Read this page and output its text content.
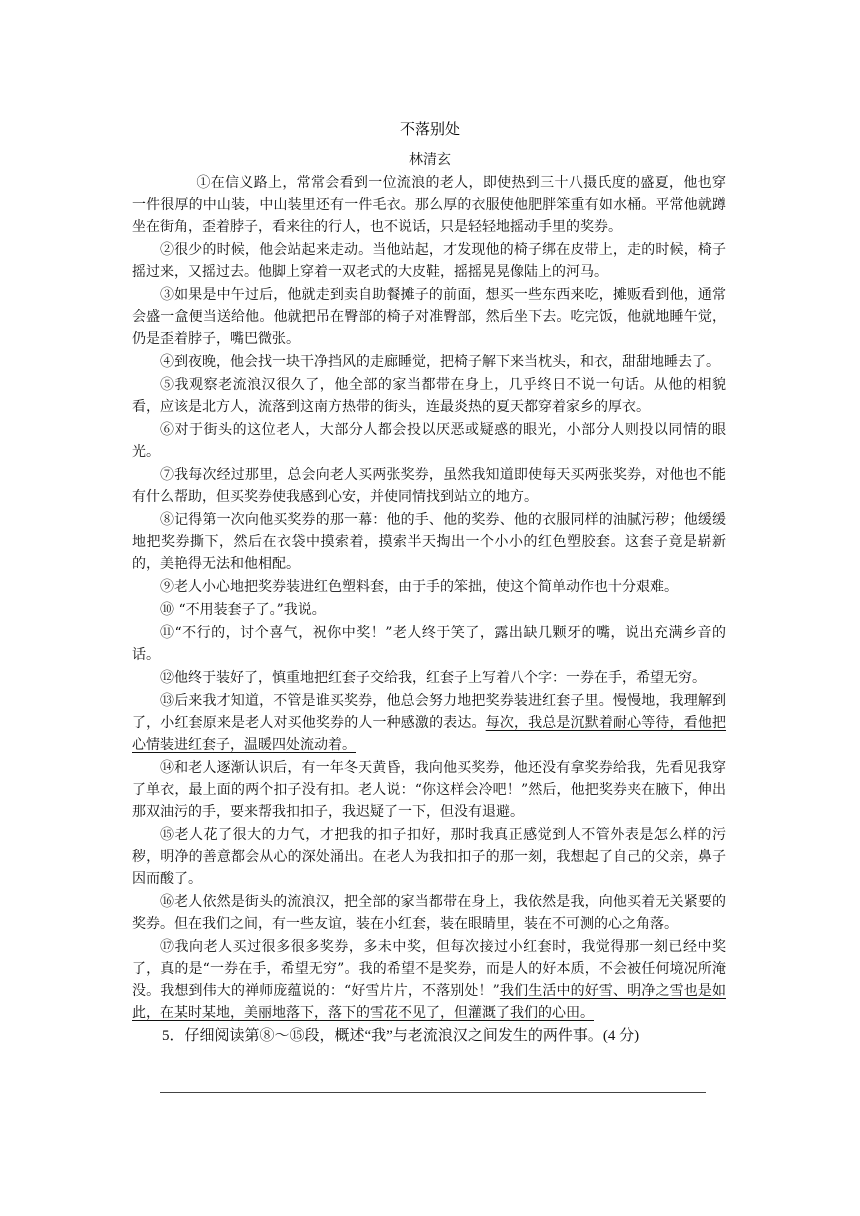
不落别处
林清玄

①在信义路上，常常会看到一位流浪的老人，即使热到三十八摄氏度的盛夏，他也穿一件很厚的中山装，中山装里还有一件毛衣。那么厚的衣服使他肥胖笨重有如水桶。平常他就蹲坐在街角，歪着脖子，看来往的行人，也不说话，只是轻轻地摇动手里的奖券。

②很少的时候，他会站起来走动。当他站起，才发现他的椅子绑在皮带上，走的时候，椅子摇过来，又摇过去。他脚上穿着一双老式的大皮鞋，摇摇晃晃像陆上的河马。

③如果是中午过后，他就走到卖自助餐摊子的前面，想买一些东西来吃，摊贩看到他，通常会盛一盒便当送给他。他就把吊在臀部的椅子对准臀部，然后坐下去。吃完饭，他就地睡午觉，仍是歪着脖子，嘴巴微张。

④到夜晚，他会找一块干净挡风的走廊睡觉，把椅子解下来当枕头，和衣，甜甜地睡去了。

⑤我观察老流浪汉很久了，他全部的家当都带在身上，几乎终日不说一句话。从他的相貌看，应该是北方人，流落到这南方热带的街头，连最炎热的夏天都穿着家乡的厚衣。

⑥对于街头的这位老人，大部分人都会投以厌恶或疑惑的眼光，小部分人则投以同情的眼光。

⑦我每次经过那里，总会向老人买两张奖券，虽然我知道即使每天买两张奖券，对他也不能有什么帮助，但买奖券使我感到心安，并使同情找到站立的地方。

⑧记得第一次向他买奖券的那一幕：他的手、他的奖券、他的衣服同样的油腻污秽；他缓缓地把奖券撕下，然后在衣袋中摸索着，摸索半天掏出一个小小的红色塑胶套。这套子竟是崭新的，美艳得无法和他相配。

⑨老人小心地把奖券装进红色塑料套，由于手的笨拙，使这个简单动作也十分艰难。

⑩ “不用装套子了。”我说。

⑪“不行的，讨个喜气，祝你中奖！”老人终于笑了，露出缺几颗牙的嘴，说出充满乡音的话。

⑫他终于装好了，慎重地把红套子交给我，红套子上写着八个字：一券在手，希望无穷。

⑬后来我才知道，不管是谁买奖券，他总会努力地把奖券装进红套子里。慢慢地，我理解到了，小红套原来是老人对买他奖券的人一种感激的表达。每次，我总是沉默着耐心等待，看他把心情装进红套子，温暖四处流动着。

⑭和老人逐渐认识后，有一年冬天黄昏，我向他买奖券，他还没有拿奖券给我，先看见我穿了单衣，最上面的两个扣子没有扣。老人说：“你这样会冷吧！”然后，他把奖券夹在腋下，伸出那双油污的手，要来帮我扣扣子，我迟疑了一下，但没有退避。

⑮老人花了很大的力气，才把我的扣子扣好，那时我真正感觉到人不管外表是怎么样的污秽，明净的善意都会从心的深处涌出。在老人为我扣扣子的那一刻，我想起了自己的父亲，鼻子因而酸了。

⑯老人依然是街头的流浪汉，把全部的家当都带在身上，我依然是我，向他买着无关紧要的奖券。但在我们之间，有一些友谊，装在小红套，装在眼睛里，装在不可测的心之角落。

⑰我向老人买过很多很多奖券，多未中奖，但每次接过小红套时，我觉得那一刻已经中奖了，真的是“一券在手，希望无穷”。我的希望不是奖券，而是人的好本质，不会被任何境况所淹没。我想到伟大的禅师庞蕴说的：“好雪片片，不落别处！”我们生活中的好雪、明净之雪也是如此，在某时某地，美丽地落下，落下的雪花不见了，但灌溉了我们的心田。

5．仔细阅读第⑧～⑮段，概述“我”与老流浪汉之间发生的两件事。(4 分)
